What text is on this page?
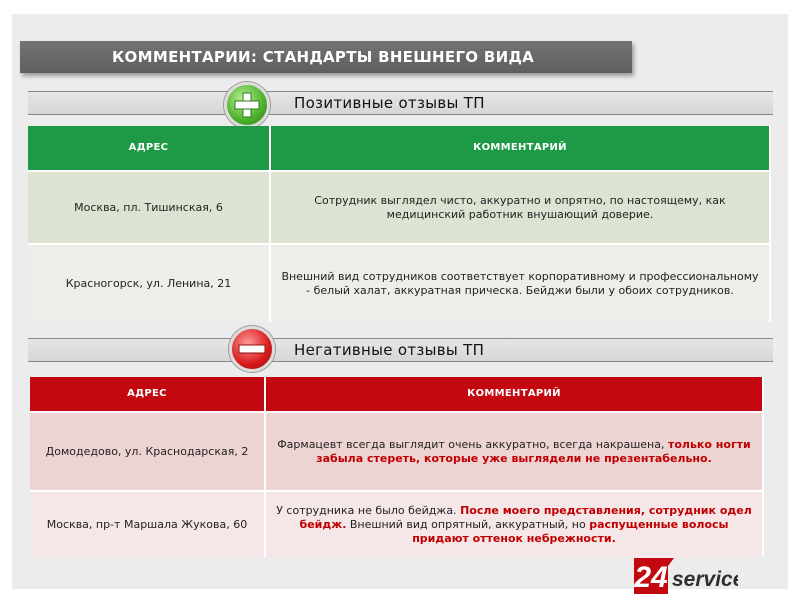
КОММЕНТАРИИ: СТАНДАРТЫ ВНЕШНЕГО ВИДА
Позитивные отзывы ТП
АДРЕС	КОММЕНТАРИЙ
Москва, пл. Тишинская, 6	Сотрудник выглядел чисто, аккуратно и опрятно, по настоящему, как медицинский работник внушающий доверие.
Красногорск, ул. Ленина, 21	Внешний вид сотрудников соответствует корпоративному и профессиональному - белый халат, аккуратная прическа. Бейджи были у обоих сотрудников.
Негативные отзывы ТП
АДРЕС	КОММЕНТАРИЙ
Домодедово, ул. Краснодарская, 2	Фармацевт всегда выглядит очень аккуратно, всегда накрашена, только ногти забыла стереть, которые уже выглядели не презентабельно.
Москва, пр-т Маршала Жукова, 60	У сотрудника не было бейджа. После моего представления, сотрудник одел бейдж. Внешний вид опрятный, аккуратный, но распущенные волосы придают оттенок небрежности.
24 service
